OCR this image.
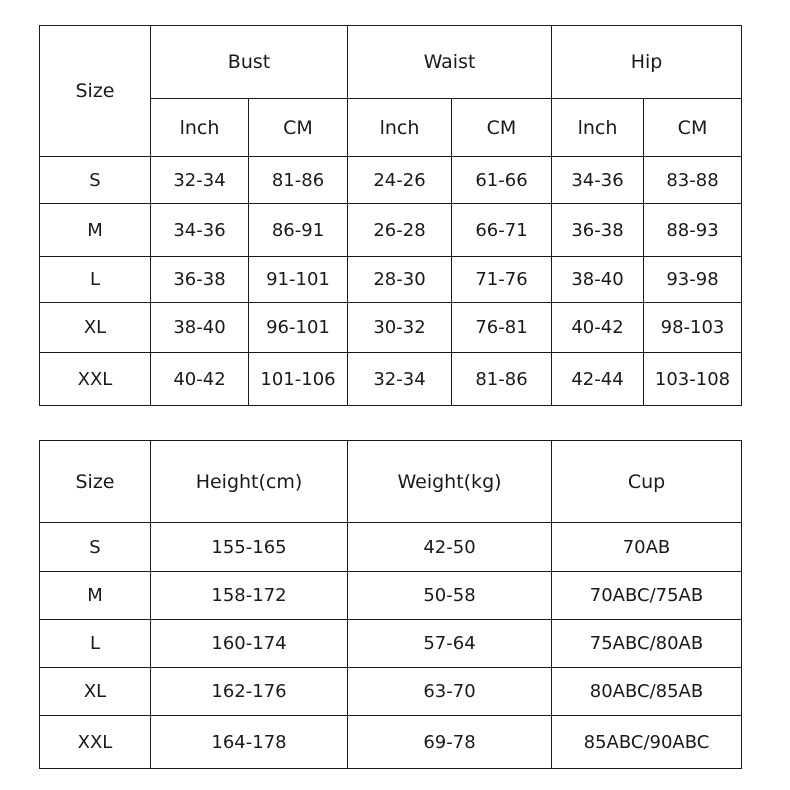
Size	Bust		Waist		Hip	
	lnch	CM	lnch	CM	lnch	CM
S	32-34	81-86	24-26	61-66	34-36	83-88
M	34-36	86-91	26-28	66-71	36-38	88-93
L	36-38	91-101	28-30	71-76	38-40	93-98
XL	38-40	96-101	30-32	76-81	40-42	98-103
XXL	40-42	101-106	32-34	81-86	42-44	103-108
Size	Height(cm)	Weight(kg)	Cup
S	155-165	42-50	70AB
M	158-172	50-58	70ABC/75AB
L	160-174	57-64	75ABC/80AB
XL	162-176	63-70	80ABC/85AB
XXL	164-178	69-78	85ABC/90ABC
